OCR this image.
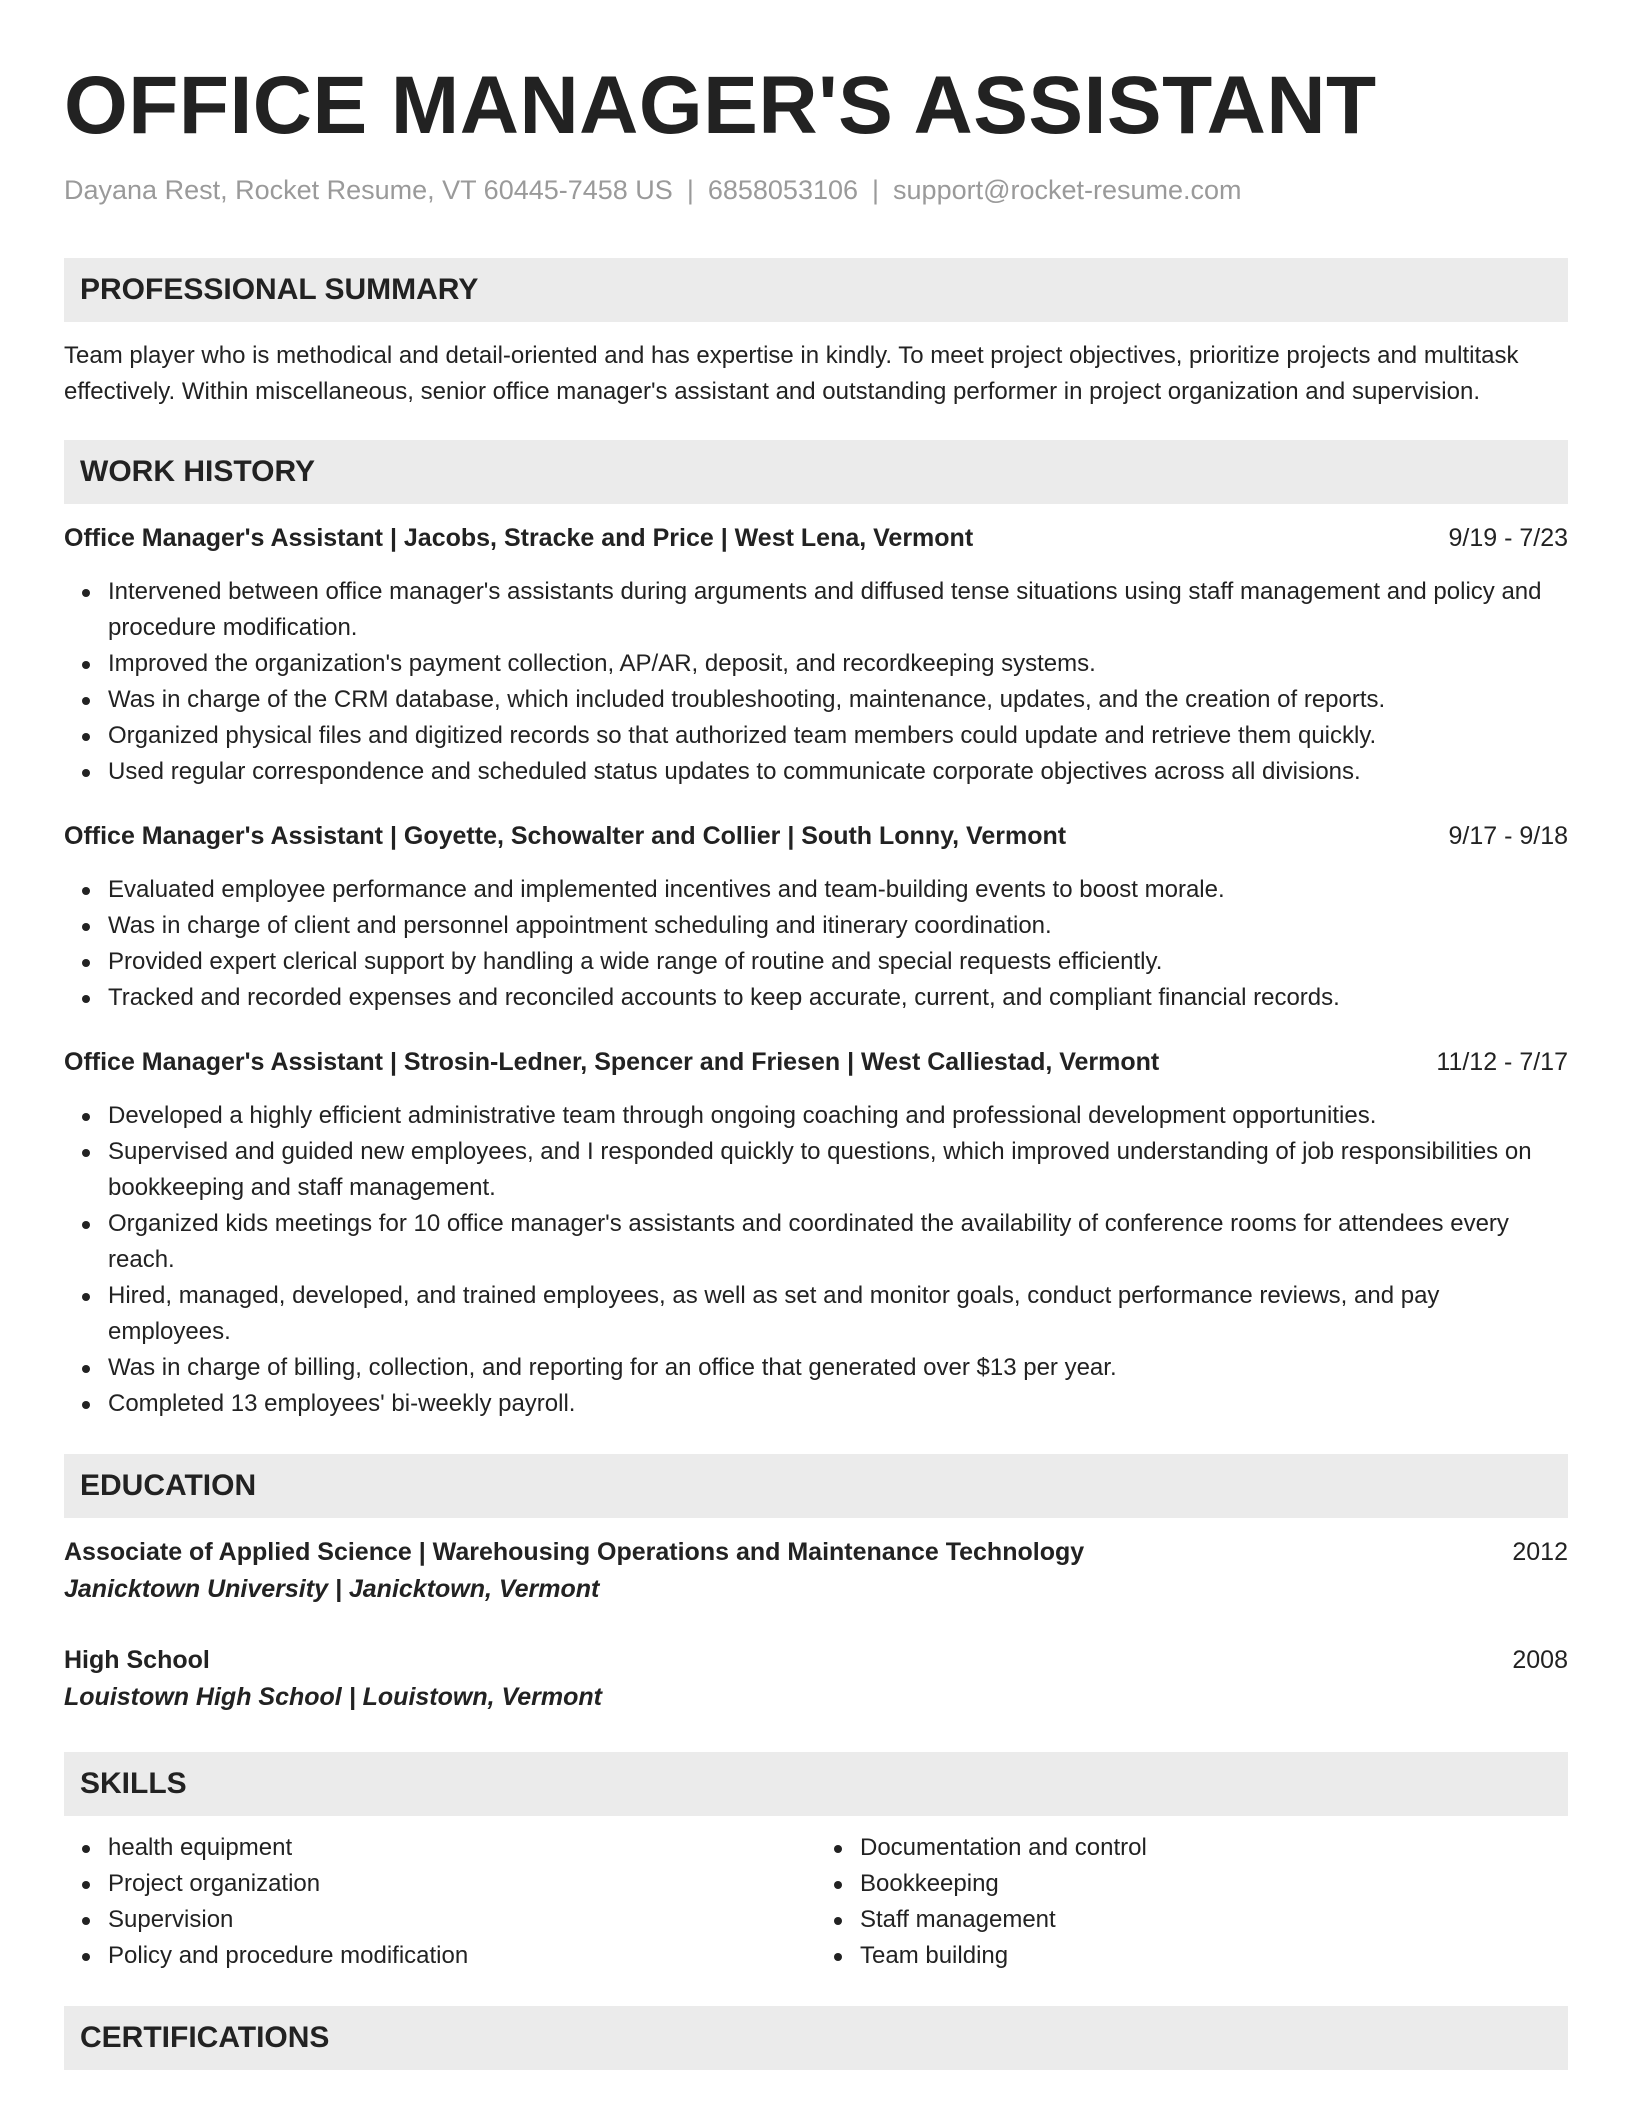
OFFICE MANAGER'S ASSISTANT
Dayana Rest, Rocket Resume, VT 60445-7458 US | 6858053106 | support@rocket-resume.com
PROFESSIONAL SUMMARY
Team player who is methodical and detail-oriented and has expertise in kindly. To meet project objectives, prioritize projects and multitask effectively. Within miscellaneous, senior office manager's assistant and outstanding performer in project organization and supervision.
WORK HISTORY
Office Manager's Assistant | Jacobs, Stracke and Price | West Lena, Vermont	9/19 - 7/23
Intervened between office manager's assistants during arguments and diffused tense situations using staff management and policy and procedure modification.
Improved the organization's payment collection, AP/AR, deposit, and recordkeeping systems.
Was in charge of the CRM database, which included troubleshooting, maintenance, updates, and the creation of reports.
Organized physical files and digitized records so that authorized team members could update and retrieve them quickly.
Used regular correspondence and scheduled status updates to communicate corporate objectives across all divisions.
Office Manager's Assistant | Goyette, Schowalter and Collier | South Lonny, Vermont	9/17 - 9/18
Evaluated employee performance and implemented incentives and team-building events to boost morale.
Was in charge of client and personnel appointment scheduling and itinerary coordination.
Provided expert clerical support by handling a wide range of routine and special requests efficiently.
Tracked and recorded expenses and reconciled accounts to keep accurate, current, and compliant financial records.
Office Manager's Assistant | Strosin-Ledner, Spencer and Friesen | West Calliestad, Vermont	11/12 - 7/17
Developed a highly efficient administrative team through ongoing coaching and professional development opportunities.
Supervised and guided new employees, and I responded quickly to questions, which improved understanding of job responsibilities on bookkeeping and staff management.
Organized kids meetings for 10 office manager's assistants and coordinated the availability of conference rooms for attendees every reach.
Hired, managed, developed, and trained employees, as well as set and monitor goals, conduct performance reviews, and pay employees.
Was in charge of billing, collection, and reporting for an office that generated over $13 per year.
Completed 13 employees' bi-weekly payroll.
EDUCATION
Associate of Applied Science | Warehousing Operations and Maintenance Technology	2012
Janicktown University | Janicktown, Vermont
High School	2008
Louistown High School | Louistown, Vermont
SKILLS
health equipment
Project organization
Supervision
Policy and procedure modification
Documentation and control
Bookkeeping
Staff management
Team building
CERTIFICATIONS
